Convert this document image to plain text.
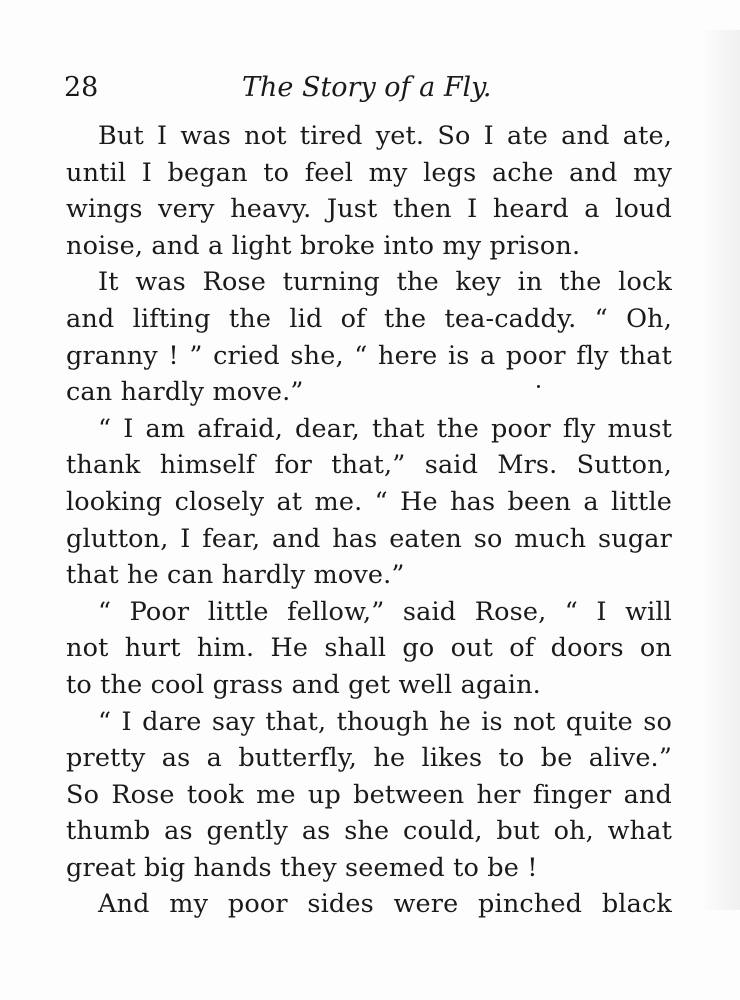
28	The Story of a Fly.
But I was not tired yet. So I ate and ate,
until I began to feel my legs ache and my
wings very heavy. Just then I heard a loud
noise, and a light broke into my prison.
It was Rose turning the key in the lock
and lifting the lid of the tea-caddy. “ Oh,
granny ! ” cried she, “ here is a poor fly that
can hardly move.”
“ I am afraid, dear, that the poor fly must
thank himself for that,” said Mrs. Sutton,
looking closely at me. “ He has been a little
glutton, I fear, and has eaten so much sugar
that he can hardly move.”
“ Poor little fellow,” said Rose, “ I will
not hurt him. He shall go out of doors on
to the cool grass and get well again.
“ I dare say that, though he is not quite so
pretty as a butterfly, he likes to be alive.”
So Rose took me up between her finger and
thumb as gently as she could, but oh, what
great big hands they seemed to be !
And my poor sides were pinched black
